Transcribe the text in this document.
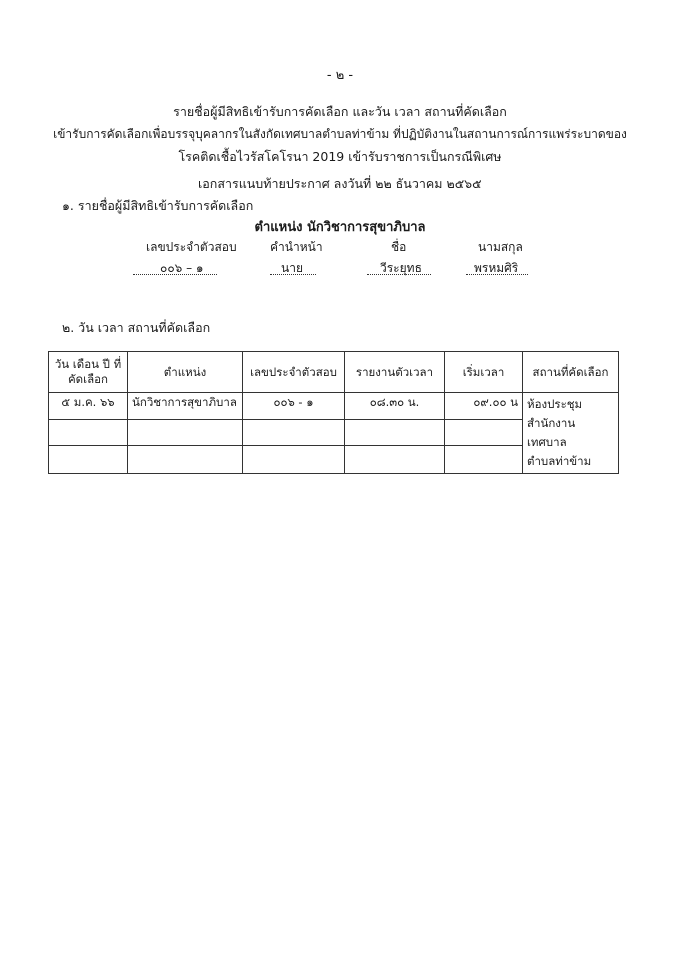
- ๒ -
รายชื่อผู้มีสิทธิเข้ารับการคัดเลือก และวัน เวลา สถานที่คัดเลือก
เข้ารับการคัดเลือกเพื่อบรรจุบุคลากรในสังกัดเทศบาลตำบลท่าข้าม ที่ปฏิบัติงานในสถานการณ์การแพร่ระบาดของ
โรคติดเชื้อไวรัสโคโรนา 2019 เข้ารับราชการเป็นกรณีพิเศษ
เอกสารแนบท้ายประกาศ ลงวันที่ ๒๒ ธันวาคม ๒๕๖๕
๑. รายชื่อผู้มีสิทธิเข้ารับการคัดเลือก
ตำแหน่ง นักวิชาการสุขาภิบาล
เลขประจำตัวสอบ	คำนำหน้า	ชื่อ	นามสกุล
๐๐๖ – ๑	นาย	วีระยุทธ	พรหมศิริ
๒. วัน เวลา สถานที่คัดเลือก
วัน เดือน ปี ที่คัดเลือก	ตำแหน่ง	เลขประจำตัวสอบ	รายงานตัวเวลา	เริ่มเวลา	สถานที่คัดเลือก
๕ ม.ค. ๖๖	นักวิชาการสุขาภิบาล	๐๐๖ - ๑	๐๘.๓๐ น.	๐๙.๐๐ น	ห้องประชุม
สำนักงานเทศบาล
ตำบลท่าข้าม
